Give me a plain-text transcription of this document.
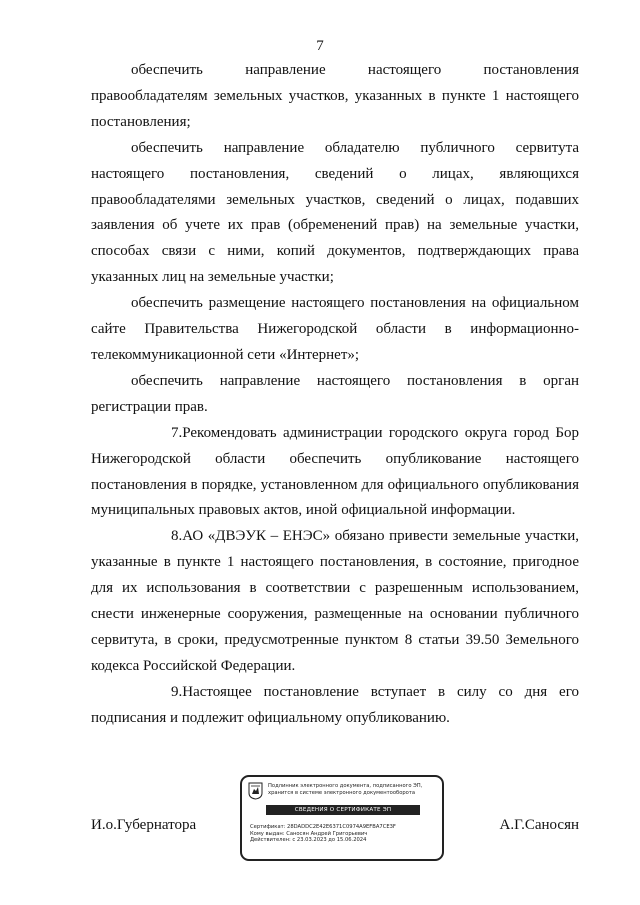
7

обеспечить направление настоящего постановления правообладателям земельных участков, указанных в пункте 1 настоящего постановления;

обеспечить направление обладателю публичного сервитута настоящего постановления, сведений о лицах, являющихся правообладателями земельных участков, сведений о лицах, подавших заявления об учете их прав (обременений прав) на земельные участки, способах связи с ними, копий документов, подтверждающих права указанных лиц на земельные участки;

обеспечить размещение настоящего постановления на официальном сайте Правительства Нижегородской области в информационно-телекоммуникационной сети «Интернет»;

обеспечить направление настоящего постановления в орган регистрации прав.

7.Рекомендовать администрации городского округа город Бор Нижегородской области обеспечить опубликование настоящего постановления в порядке, установленном для официального опубликования муниципальных правовых актов, иной официальной информации.

8.АО «ДВЭУК – ЕНЭС» обязано привести земельные участки, указанные в пункте 1 настоящего постановления, в состояние, пригодное для их использования в соответствии с разрешенным использованием, снести инженерные сооружения, размещенные на основании публичного сервитута, в сроки, предусмотренные пунктом 8 статьи 39.50 Земельного кодекса Российской Федерации.

9.Настоящее постановление вступает в силу со дня его подписания и подлежит официальному опубликованию.

И.о.Губернатора	А.Г.Саносян
Подлинник электронного документа, подписанного ЭП,
хранится в системе электронного документооборота
СВЕДЕНИЯ О СЕРТИФИКАТЕ ЭП
Сертификат: 28DADDC2E42E6371C0974A9EFBA7CE3F
Кому выдан: Саносян Андрей Григорьевич
Действителен: с 23.03.2023 до 15.06.2024
